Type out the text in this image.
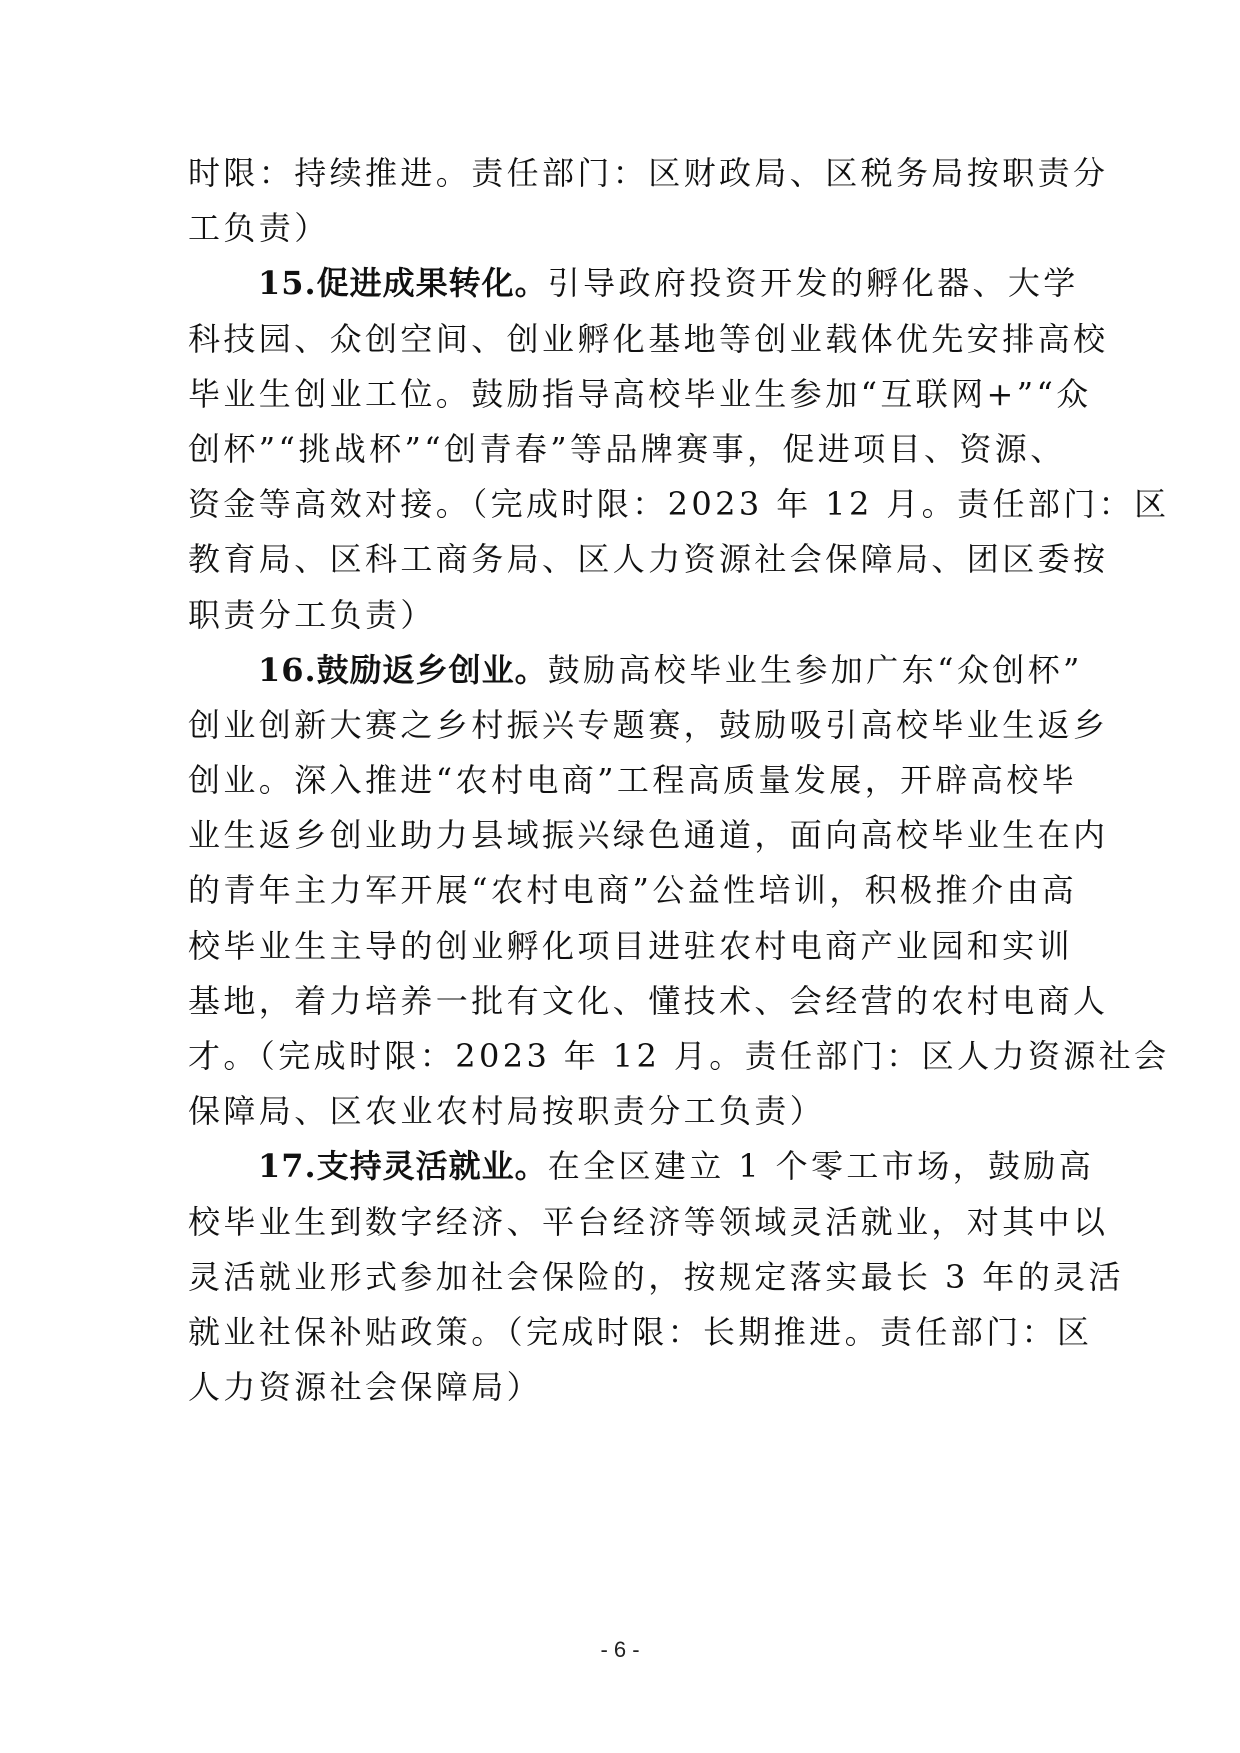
时限：持续推进。责任部门：区财政局、区税务局按职责分
工负责）
15.促进成果转化。引导政府投资开发的孵化器、大学
科技园、众创空间、创业孵化基地等创业载体优先安排高校
毕业生创业工位。鼓励指导高校毕业生参加“互联网+”“众
创杯”“挑战杯”“创青春”等品牌赛事，促进项目、资源、
资金等高效对接。（完成时限：2023 年 12 月。责任部门：区
教育局、区科工商务局、区人力资源社会保障局、团区委按
职责分工负责）
16.鼓励返乡创业。鼓励高校毕业生参加广东“众创杯”
创业创新大赛之乡村振兴专题赛，鼓励吸引高校毕业生返乡
创业。深入推进“农村电商”工程高质量发展，开辟高校毕
业生返乡创业助力县域振兴绿色通道，面向高校毕业生在内
的青年主力军开展“农村电商”公益性培训，积极推介由高
校毕业生主导的创业孵化项目进驻农村电商产业园和实训
基地，着力培养一批有文化、懂技术、会经营的农村电商人
才。（完成时限：2023 年 12 月。责任部门：区人力资源社会
保障局、区农业农村局按职责分工负责）
17.支持灵活就业。在全区建立 1 个零工市场，鼓励高
校毕业生到数字经济、平台经济等领域灵活就业，对其中以
灵活就业形式参加社会保险的，按规定落实最长 3 年的灵活
就业社保补贴政策。（完成时限：长期推进。责任部门：区
人力资源社会保障局）
- 6 -
